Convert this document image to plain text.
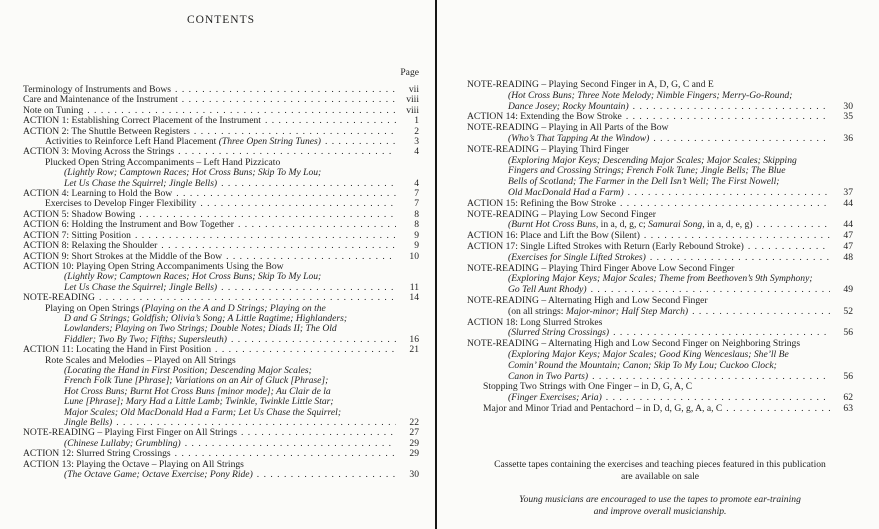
CONTENTS
Page
Terminology of Instruments and Bows . . .	vii
Care and Maintenance of the Instrument . . .	viii
Note on Tuning . . .	viii
ACTION 1: Establishing Correct Placement of the Instrument . . .	1
ACTION 2: The Shuttle Between Registers . . .	2
Activities to Reinforce Left Hand Placement (Three Open String Tunes) . . .	3
ACTION 3: Moving Across the Strings . . .	4
Plucked Open String Accompaniments – Left Hand Pizzicato
(Lightly Row; Camptown Races; Hot Cross Buns; Skip To My Lou;
Let Us Chase the Squirrel; Jingle Bells) . . .	4
ACTION 4: Learning to Hold the Bow . . .	7
Exercises to Develop Finger Flexibility . . .	7
ACTION 5: Shadow Bowing . . .	8
ACTION 6: Holding the Instrument and Bow Together . . .	8
ACTION 7: Sitting Position . . .	9
ACTION 8: Relaxing the Shoulder . . .	9
ACTION 9: Short Strokes at the Middle of the Bow . . .	10
ACTION 10: Playing Open String Accompaniments Using the Bow
(Lightly Row; Camptown Races; Hot Cross Buns; Skip To My Lou;
Let Us Chase the Squirrel; Jingle Bells) . . .	11
NOTE-READING . . .	14
Playing on Open Strings (Playing on the A and D Strings; Playing on the
D and G Strings; Goldfish; Olivia’s Song; A Little Ragtime; Highlanders;
Lowlanders; Playing on Two Strings; Double Notes; Diads II; The Old
Fiddler; Two By Two; Fifths; Supersleuth) . . .	16
ACTION 11: Locating the Hand in First Position . . .	21
Rote Scales and Melodies – Played on All Strings
(Locating the Hand in First Position; Descending Major Scales;
French Folk Tune [Phrase]; Variations on an Air of Gluck [Phrase];
Hot Cross Buns; Burnt Hot Cross Buns [minor mode]; Au Clair de la
Lune [Phrase]; Mary Had a Little Lamb; Twinkle, Twinkle Little Star;
Major Scales; Old MacDonald Had a Farm; Let Us Chase the Squirrel;
Jingle Bells) . . .	22
NOTE-READING – Playing First Finger on All Strings . . .	27
(Chinese Lullaby; Grumbling) . . .	29
ACTION 12: Slurred String Crossings . . .	29
ACTION 13: Playing the Octave – Playing on All Strings
(The Octave Game; Octave Exercise; Pony Ride) . . .	30
NOTE-READING – Playing Second Finger in A, D, G, C and E
(Hot Cross Buns; Three Note Melody; Nimble Fingers; Merry-Go-Round;
Dance Josey; Rocky Mountain) . . .	30
ACTION 14: Extending the Bow Stroke . . .	35
NOTE-READING – Playing in All Parts of the Bow
(Who’s That Tapping At the Window) . . .	36
NOTE-READING – Playing Third Finger
(Exploring Major Keys; Descending Major Scales; Major Scales; Skipping
Fingers and Crossing Strings; French Folk Tune; Jingle Bells; The Blue
Bells of Scotland; The Farmer in the Dell Isn’t Well; The First Nowell;
Old MacDonald Had a Farm) . . .	37
ACTION 15: Refining the Bow Stroke . . .	44
NOTE-READING – Playing Low Second Finger
(Burnt Hot Cross Buns, in a, d, g, c; Samurai Song, in a, d, e, g) . . .	44
ACTION 16: Place and Lift the Bow (Silent) . . .	47
ACTION 17: Single Lifted Strokes with Return (Early Rebound Stroke) . . .	47
(Exercises for Single Lifted Strokes) . . .	48
NOTE-READING – Playing Third Finger Above Low Second Finger
(Exploring Major Keys; Major Scales; Theme from Beethoven’s 9th Symphony;
Go Tell Aunt Rhody) . . .	49
NOTE-READING – Alternating High and Low Second Finger
(on all strings: Major-minor; Half Step March) . . .	52
ACTION 18: Long Slurred Strokes
(Slurred String Crossings) . . .	56
NOTE-READING – Alternating High and Low Second Finger on Neighboring Strings
(Exploring Major Keys; Major Scales; Good King Wenceslaus; She’ll Be
Comin’ Round the Mountain; Canon; Skip To My Lou; Cuckoo Clock;
Canon in Two Parts) . . .	56
Stopping Two Strings with One Finger – in D, G, A, C
(Finger Exercises; Aria) . . .	62
Major and Minor Triad and Pentachord – in D, d, G, g, A, a, C . . .	63
Cassette tapes containing the exercises and teaching pieces featured in this publication
are available on sale
Young musicians are encouraged to use the tapes to promote ear-training
and improve overall musicianship.
